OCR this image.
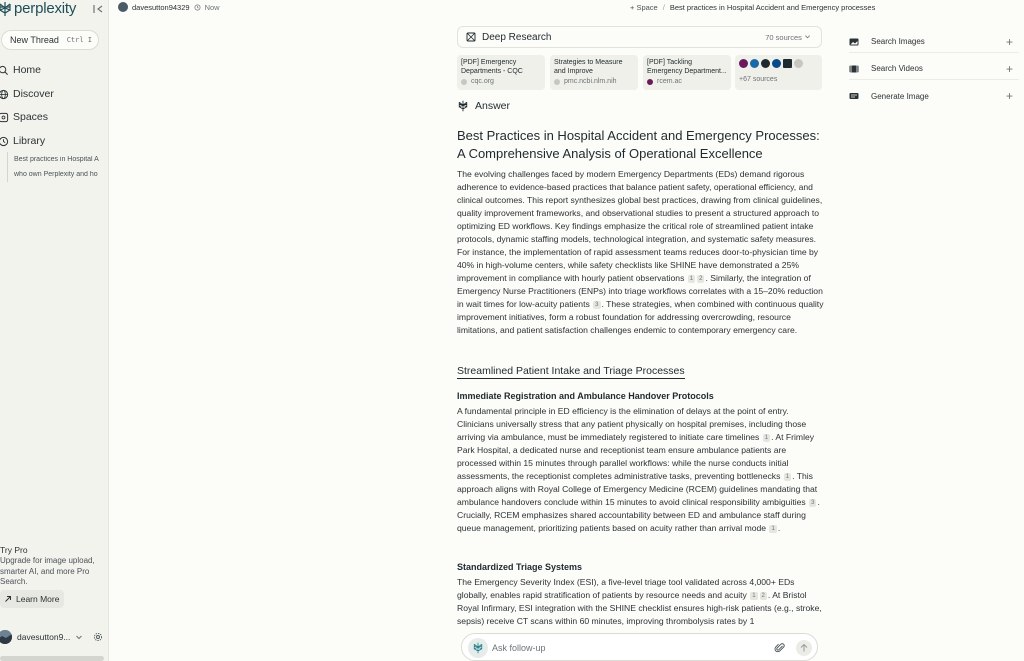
perplexity
New Thread Ctrl I
Home
Discover
Spaces
Library
Best practices in Hospital A
who own Perplexity and ho
Try Pro
Upgrade for image upload, smarter AI, and more Pro Search.
Learn More
davesutton9...
davesutton94329 Now	+ Space / Best practices in Hospital Accident and Emergency processes
Deep Research	70 sources
[PDF] Emergency Departments - CQC
cqc.org
Strategies to Measure and Improve
pmc.ncbi.nlm.nih
[PDF] Tackling Emergency Department...
rcem.ac	+67 sources
Answer
Best Practices in Hospital Accident and Emergency Processes: A Comprehensive Analysis of Operational Excellence
The evolving challenges faced by modern Emergency Departments (EDs) demand rigorous adherence to evidence-based practices that balance patient safety, operational efficiency, and clinical outcomes. This report synthesizes global best practices, drawing from clinical guidelines, quality improvement frameworks, and observational studies to present a structured approach to optimizing ED workflows. Key findings emphasize the critical role of streamlined patient intake protocols, dynamic staffing models, technological integration, and systematic safety measures. For instance, the implementation of rapid assessment teams reduces door-to-physician time by 40% in high-volume centers, while safety checklists like SHINE have demonstrated a 25% improvement in compliance with hourly patient observations 1 2 . Similarly, the integration of Emergency Nurse Practitioners (ENPs) into triage workflows correlates with a 15–20% reduction in wait times for low-acuity patients 3 . These strategies, when combined with continuous quality improvement initiatives, form a robust foundation for addressing overcrowding, resource limitations, and patient satisfaction challenges endemic to contemporary emergency care.
Streamlined Patient Intake and Triage Processes
Immediate Registration and Ambulance Handover Protocols
A fundamental principle in ED efficiency is the elimination of delays at the point of entry. Clinicians universally stress that any patient physically on hospital premises, including those arriving via ambulance, must be immediately registered to initiate care timelines 1 . At Frimley Park Hospital, a dedicated nurse and receptionist team ensure ambulance patients are processed within 15 minutes through parallel workflows: while the nurse conducts initial assessments, the receptionist completes administrative tasks, preventing bottlenecks 1 . This approach aligns with Royal College of Emergency Medicine (RCEM) guidelines mandating that ambulance handovers conclude within 15 minutes to avoid clinical responsibility ambiguities 3 . Crucially, RCEM emphasizes shared accountability between ED and ambulance staff during queue management, prioritizing patients based on acuity rather than arrival mode 1 .
Standardized Triage Systems
The Emergency Severity Index (ESI), a five-level triage tool validated across 4,000+ EDs globally, enables rapid stratification of patients by resource needs and acuity 1 2 . At Bristol Royal Infirmary, ESI integration with the SHINE checklist ensures high-risk patients (e.g., stroke, sepsis) receive CT scans within 60 minutes, improving thrombolysis rates by 1
Search Images	+
Search Videos	+
Generate Image	+
Ask follow-up
